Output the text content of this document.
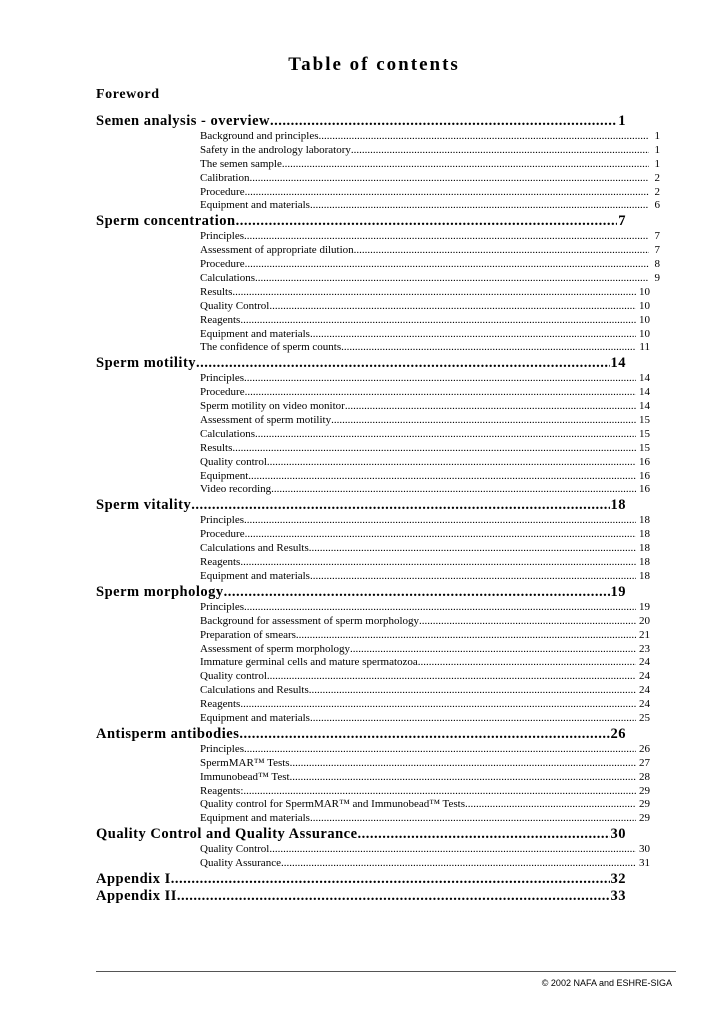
Table of contents
Foreword
Semen analysis - overview .....	1
Background and principles .....	1
Safety in the andrology laboratory .....	1
The semen sample .....	1
Calibration .....	2
Procedure .....	2
Equipment and materials .....	6
Sperm concentration .....	7
Principles .....	7
Assessment of appropriate dilution .....	7
Procedure .....	8
Calculations .....	9
Results .....	10
Quality Control .....	10
Reagents .....	10
Equipment and materials .....	10
The confidence of sperm counts .....	11
Sperm motility .....	14
Principles .....	14
Procedure .....	14
Sperm motility on video monitor .....	14
Assessment of sperm motility .....	15
Calculations .....	15
Results .....	15
Quality control .....	16
Equipment .....	16
Video recording .....	16
Sperm vitality .....	18
Principles .....	18
Procedure .....	18
Calculations and Results .....	18
Reagents .....	18
Equipment and materials .....	18
Sperm morphology .....	19
Principles .....	19
Background for assessment of sperm morphology .....	20
Preparation of smears .....	21
Assessment of sperm morphology .....	23
Immature germinal cells and mature spermatozoa .....	24
Quality control .....	24
Calculations and Results .....	24
Reagents .....	24
Equipment and materials .....	25
Antisperm antibodies .....	26
Principles .....	26
SpermMAR™ Tests .....	27
Immunobead™ Test .....	28
Reagents: .....	29
Quality control for SpermMAR™ and Immunobead™ Tests .....	29
Equipment and materials .....	29
Quality Control and Quality Assurance .....	30
Quality Control .....	30
Quality Assurance .....	31
Appendix I .....	32
Appendix II .....	33
© 2002 NAFA and ESHRE-SIGA
